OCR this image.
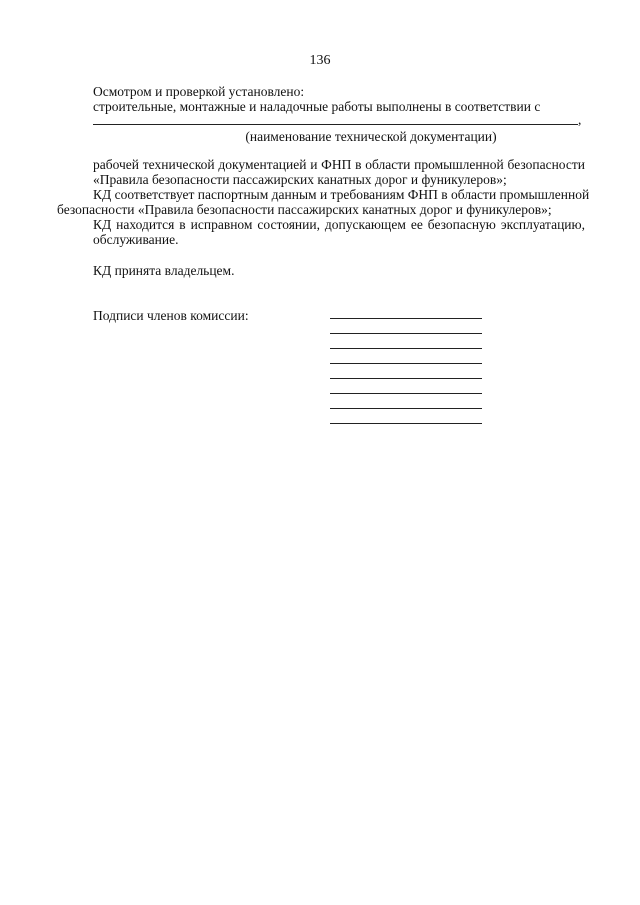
136
Осмотром и проверкой установлено:
строительные, монтажные и наладочные работы выполнены в соответствии с
,
(наименование технической документации)
рабочей технической документацией и ФНП в области промышленной безопасности
«Правила безопасности пассажирских канатных дорог и фуникулеров»;
КД соответствует паспортным данным и требованиям ФНП в области промышленной
безопасности «Правила безопасности пассажирских канатных дорог и фуникулеров»;
КД находится в исправном состоянии, допускающем ее безопасную эксплуатацию,
обслуживание.
КД принята владельцем.
Подписи членов комиссии:
